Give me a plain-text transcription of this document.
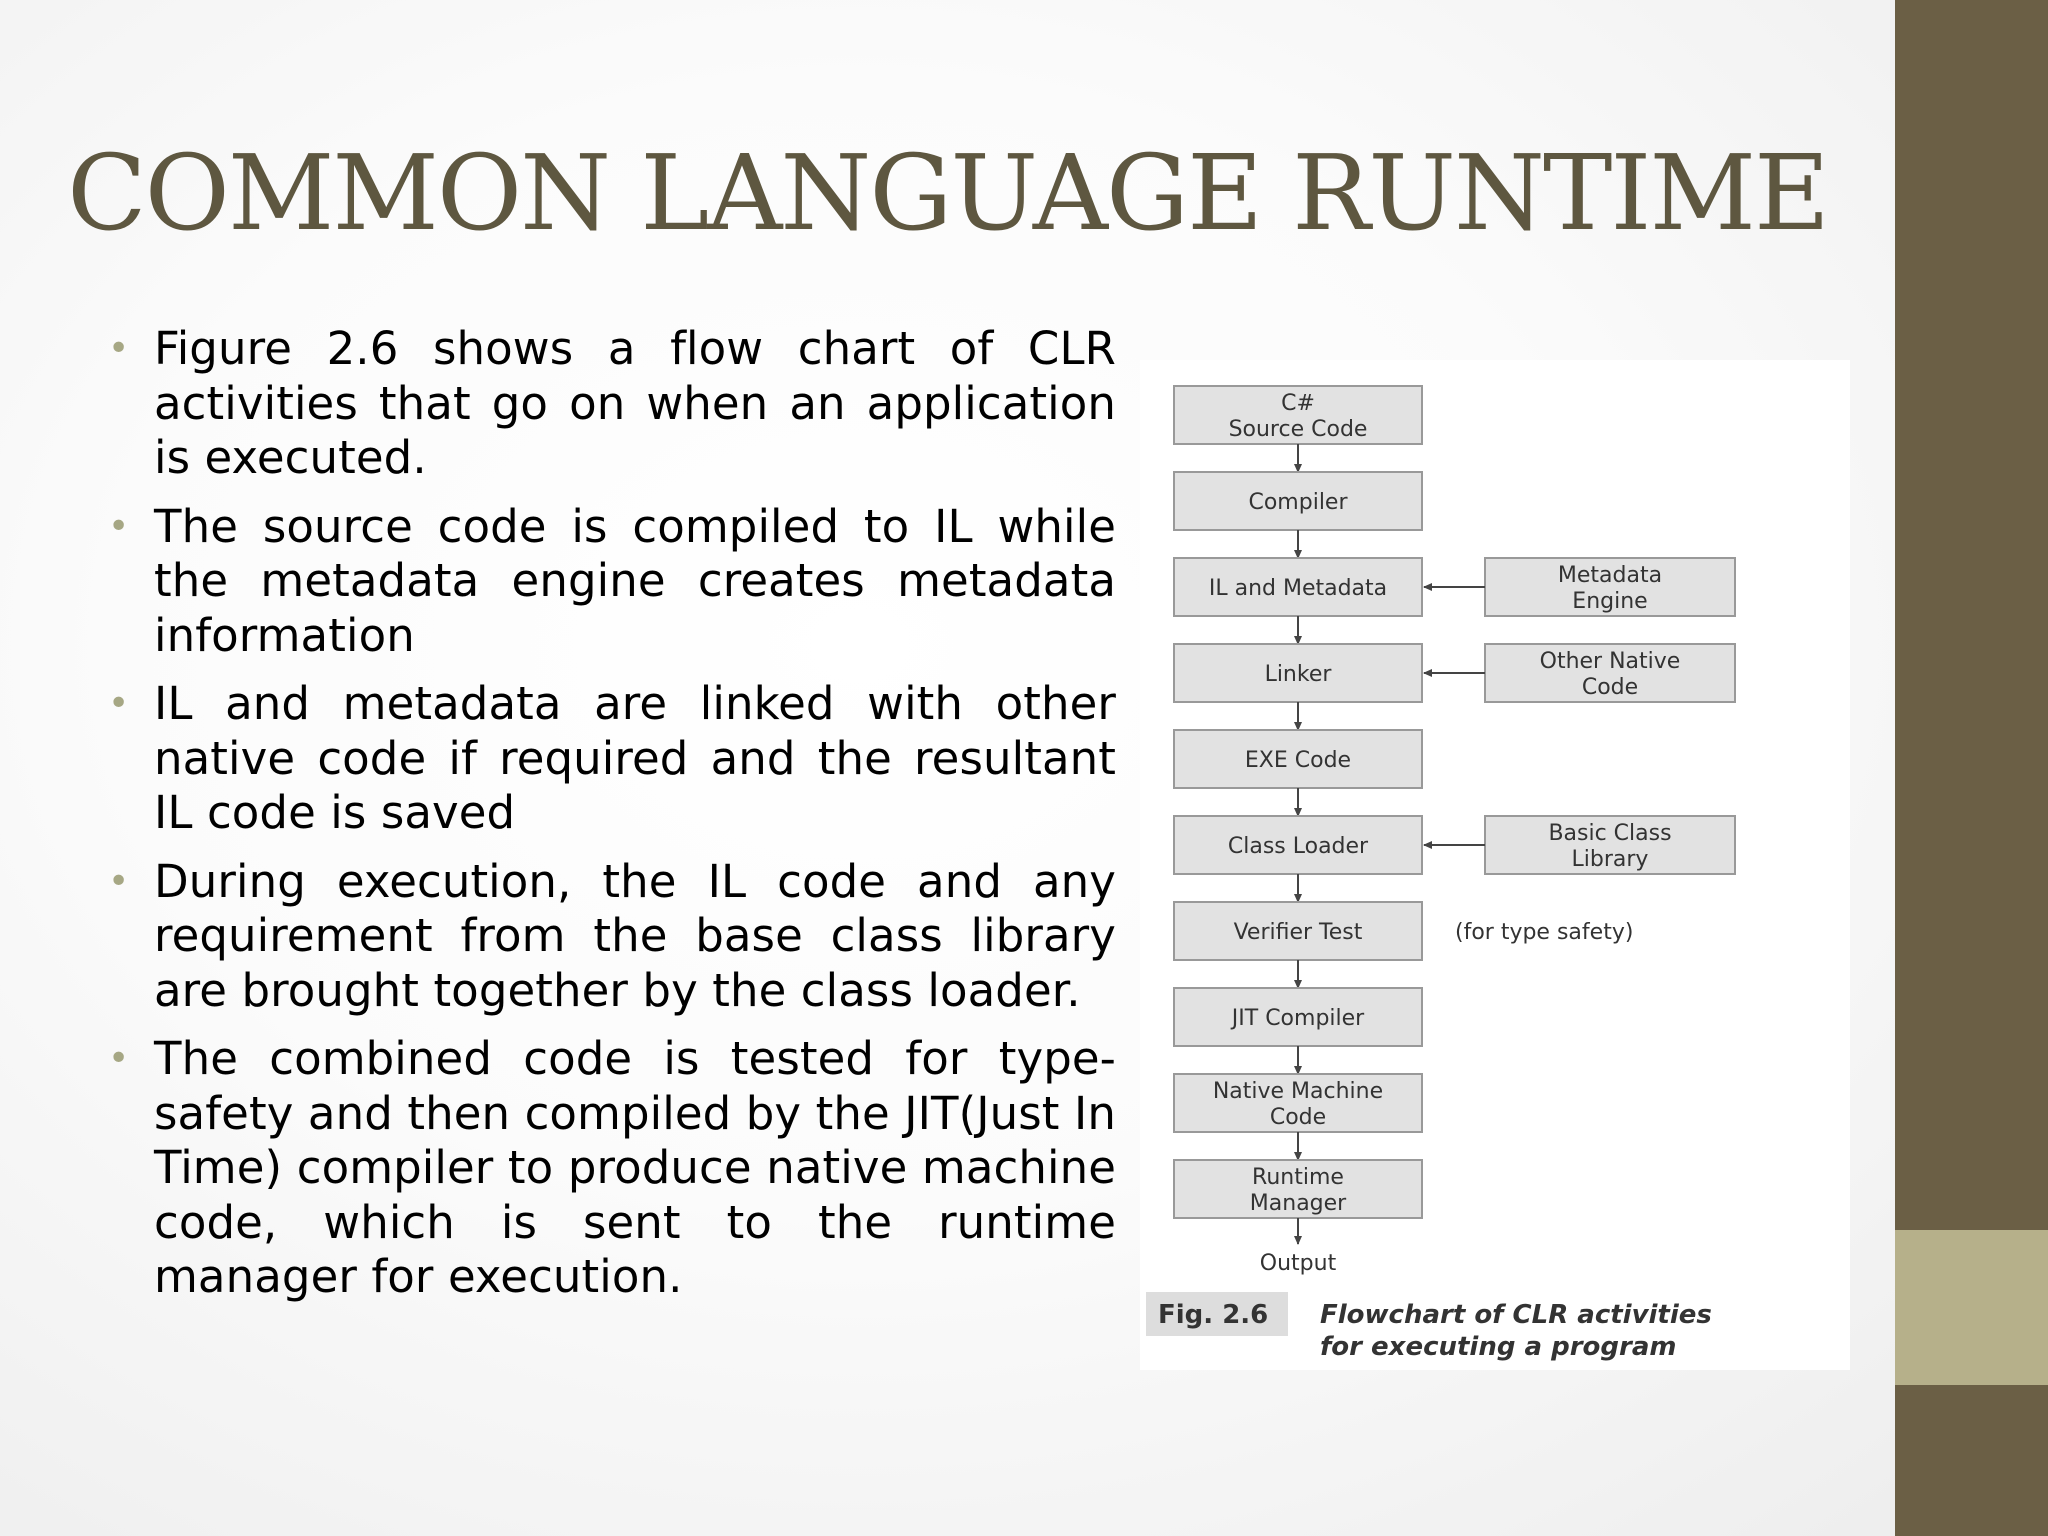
COMMON LANGUAGE RUNTIME
• Figure 2.6 shows a flow chart of CLR activities that go on when an application is executed.
• The source code is compiled to IL while the metadata engine creates metadata information
• IL and metadata are linked with other native code if required and the resultant IL code is saved
• During execution, the IL code and any requirement from the base class library are brought together by the class loader.
• The combined code is tested for type-safety and then compiled by the JIT(Just In Time) compiler to produce native machine code, which is sent to the runtime manager for execution.
C#
Source Code
Compiler
IL and Metadata
Linker
EXE Code
Class Loader
Verifier Test
JIT Compiler
Native Machine
Code
Runtime
Manager
Metadata
Engine
Other Native
Code
Basic Class
Library
(for type safety)
Output
Fig. 2.6 Flowchart of CLR activities
for executing a program
